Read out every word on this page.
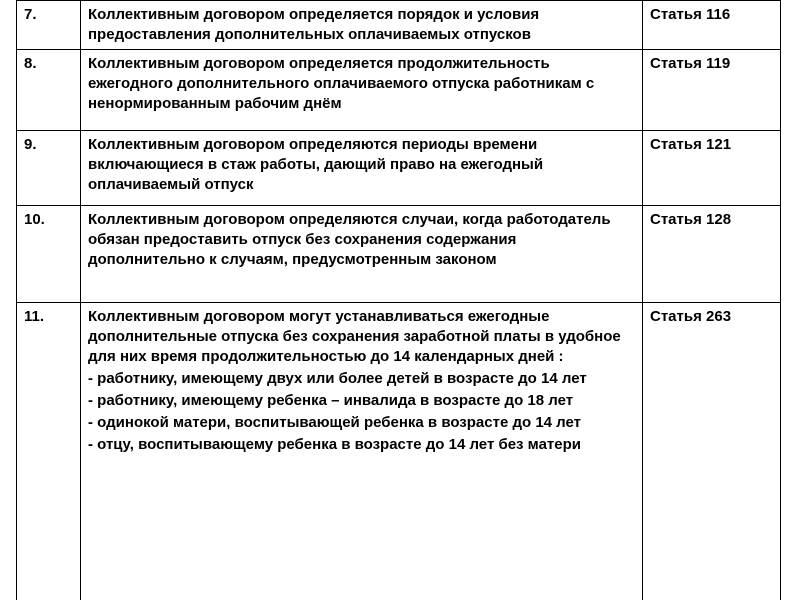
7.	Коллективным договором определяется порядок и условия предоставления дополнительных оплачиваемых отпусков	Статья 116
8.	Коллективным договором определяется продолжительность ежегодного дополнительного оплачиваемого отпуска работникам с ненормированным рабочим днём	Статья 119
9.	Коллективным договором определяются периоды времени включающиеся в стаж работы, дающий право на ежегодный оплачиваемый отпуск	Статья 121
10.	Коллективным договором определяются случаи, когда работодатель обязан предоставить отпуск без сохранения содержания дополнительно к случаям, предусмотренным законом	Статья 128
11.	Коллективным договором могут устанавливаться ежегодные дополнительные отпуска без сохранения заработной платы в удобное для них время продолжительностью до 14 календарных дней :
- работнику, имеющему двух или более детей в возрасте до 14 лет
- работнику, имеющему ребенка – инвалида в возрасте до 18 лет
- одинокой матери, воспитывающей ребенка в возрасте до 14 лет
- отцу, воспитывающему ребенка в возрасте до 14 лет без матери	Статья 263
